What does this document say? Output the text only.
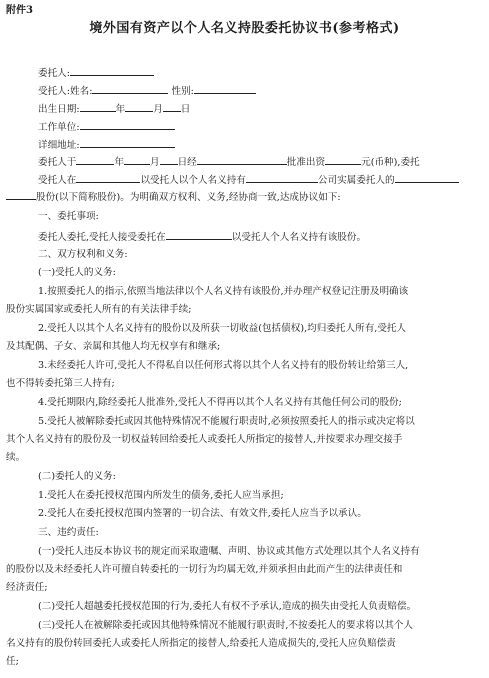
附件3
境外国有资产以个人名义持股委托协议书(参考格式)
委托人:
受托人:姓名:	性别:
出生日期:	年	月 日
工作单位:
详细地址:
委托人于	年	月 日经	批准出资	元(币种),委托
受托人在	以受托人以个人名义持有	公司实属委托人的
股份(以下简称股份)。为明确双方权利、义务,经协商一致,达成协议如下:
一、委托事项:
委托人委托,受托人接受委托在	以受托人个人名义持有该股份。
二、双方权利和义务:
(一)受托人的义务:
1.按照委托人的指示,依照当地法律以个人名义持有该股份,并办理产权登记注册及明确该
股份实属国家或委托人所有的有关法律手续;
2.受托人以其个人名义持有的股份以及所获一切收益(包括债权),均归委托人所有,受托人
及其配偶、子女、亲属和其他人均无权享有和继承;
3.未经委托人许可,受托人不得私自以任何形式将以其个人名义持有的股份转让给第三人,
也不得转委托第三人持有;
4.受托期限内,除经委托人批准外,受托人不得再以其个人名义持有其他任何公司的股份;
5.受托人被解除委托或因其他特殊情况不能履行职责时,必须按照委托人的指示或决定将以
其个人名义持有的股份及一切权益转回给委托人或委托人所指定的接替人,并按要求办理交接手
续。
(二)委托人的义务:
1.受托人在委托授权范围内所发生的债务,委托人应当承担;
2.受托人在委托授权范围内签署的一切合法、有效文件,委托人应当予以承认。
三、违约责任:
(一)受托人违反本协议书的规定而采取遗嘱、声明、协议或其他方式处理以其个人名义持有
的股份以及未经委托人许可擅自转委托的一切行为均属无效,并须承担由此而产生的法律责任和
经济责任;
(二)受托人超越委托授权范围的行为,委托人有权不予承认,造成的损失由受托人负责赔偿。
(三)受托人在被解除委托或因其他特殊情况不能履行职责时,不按委托人的要求将以其个人
名义持有的股份转回委托人或委托人所指定的接替人,给委托人造成损失的,受托人应负赔偿责
任;
